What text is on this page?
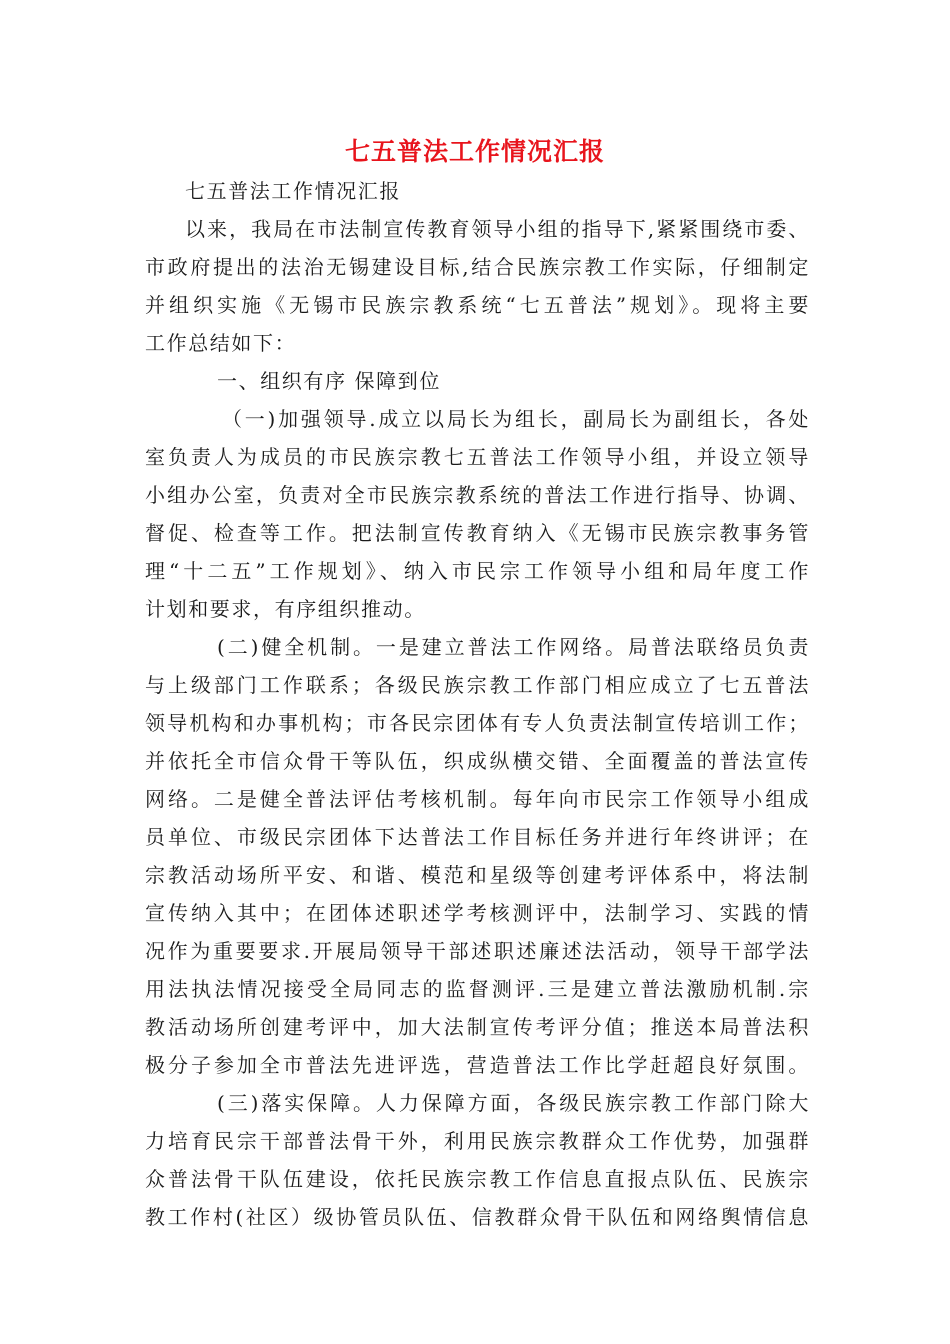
七五普法工作情况汇报
七五普法工作情况汇报
以来，我局在市法制宣传教育领导小组的指导下,紧紧围绕市委、
市政府提出的法治无锡建设目标,结合民族宗教工作实际，仔细制定
并组织实施《无锡市民族宗教系统“七五普法”规划》。现将主要
工作总结如下：
一、组织有序 保障到位
（一)加强领导.成立以局长为组长，副局长为副组长，各处
室负责人为成员的市民族宗教七五普法工作领导小组，并设立领导
小组办公室，负责对全市民族宗教系统的普法工作进行指导、协调、
督促、检查等工作。把法制宣传教育纳入《无锡市民族宗教事务管
理“十二五”工作规划》、纳入市民宗工作领导小组和局年度工作
计划和要求，有序组织推动。
(二)健全机制。一是建立普法工作网络。局普法联络员负责
与上级部门工作联系；各级民族宗教工作部门相应成立了七五普法
领导机构和办事机构；市各民宗团体有专人负责法制宣传培训工作；
并依托全市信众骨干等队伍，织成纵横交错、全面覆盖的普法宣传
网络。二是健全普法评估考核机制。每年向市民宗工作领导小组成
员单位、市级民宗团体下达普法工作目标任务并进行年终讲评；在
宗教活动场所平安、和谐、模范和星级等创建考评体系中，将法制
宣传纳入其中；在团体述职述学考核测评中，法制学习、实践的情
况作为重要要求.开展局领导干部述职述廉述法活动，领导干部学法
用法执法情况接受全局同志的监督测评.三是建立普法激励机制.宗
教活动场所创建考评中，加大法制宣传考评分值；推送本局普法积
极分子参加全市普法先进评选，营造普法工作比学赶超良好氛围。
(三)落实保障。人力保障方面，各级民族宗教工作部门除大
力培育民宗干部普法骨干外，利用民族宗教群众工作优势，加强群
众普法骨干队伍建设，依托民族宗教工作信息直报点队伍、民族宗
教工作村(社区）级协管员队伍、信教群众骨干队伍和网络舆情信息
